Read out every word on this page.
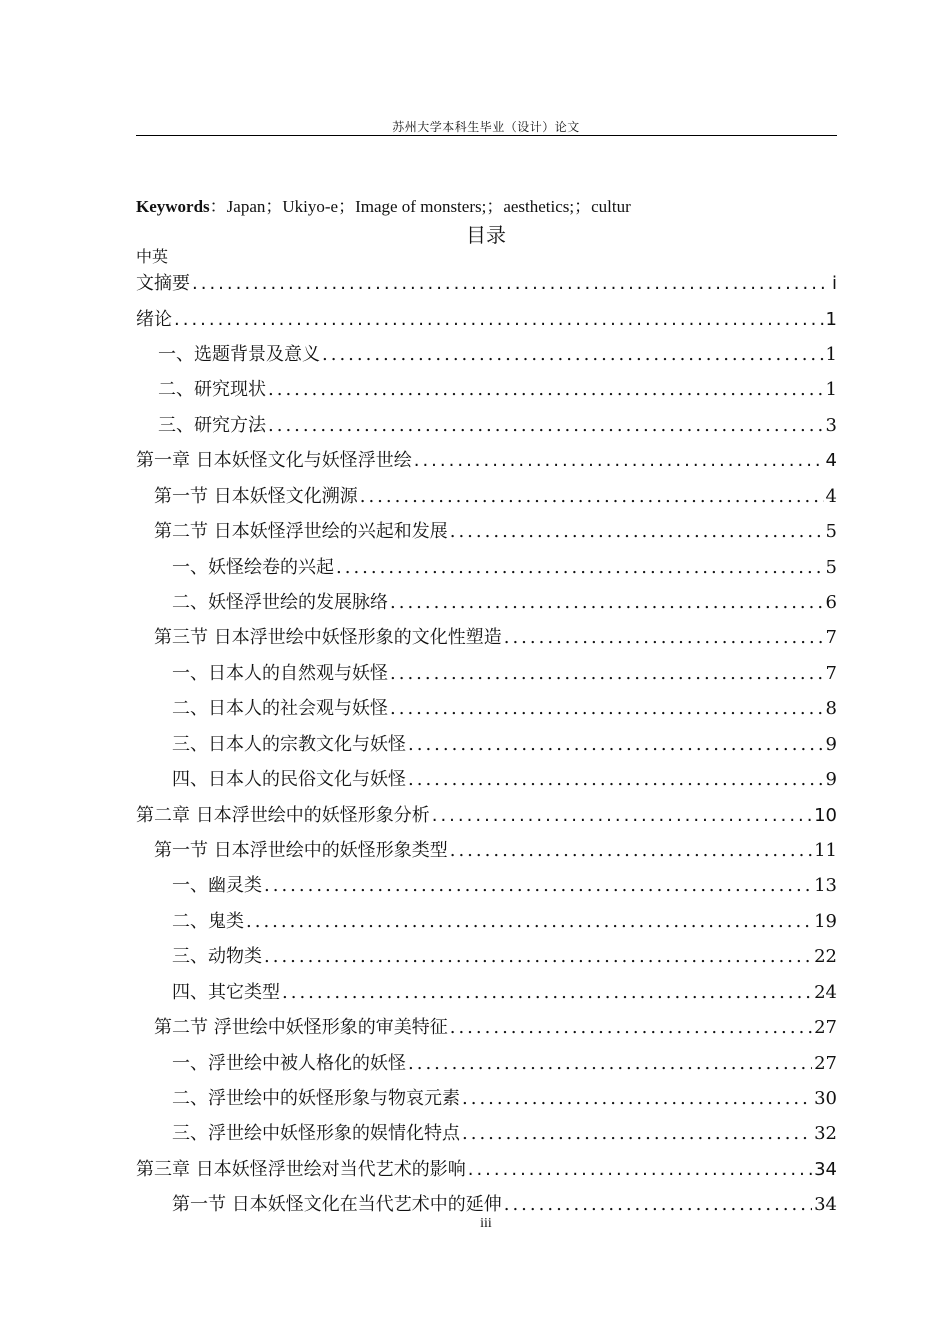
苏州大学本科生毕业（设计）论文
Keywords：Japan；Ukiyo-e；Image of monsters;；aesthetics;；cultur
目录
中英
文摘要 .....	i
绪论 .....	1
一、选题背景及意义 .....	1
二、研究现状 .....	1
三、研究方法 .....	3
第一章 日本妖怪文化与妖怪浮世绘 .....	4
第一节 日本妖怪文化溯源 .....	4
第二节 日本妖怪浮世绘的兴起和发展 .....	5
一、妖怪绘卷的兴起 .....	5
二、妖怪浮世绘的发展脉络 .....	6
第三节 日本浮世绘中妖怪形象的文化性塑造 .....	7
一、日本人的自然观与妖怪 .....	7
二、日本人的社会观与妖怪 .....	8
三、日本人的宗教文化与妖怪 .....	9
四、日本人的民俗文化与妖怪 .....	9
第二章 日本浮世绘中的妖怪形象分析 .....	10
第一节 日本浮世绘中的妖怪形象类型 .....	11
一、幽灵类 .....	13
二、鬼类 .....	19
三、动物类 .....	22
四、其它类型 .....	24
第二节 浮世绘中妖怪形象的审美特征 .....	27
一、浮世绘中被人格化的妖怪 .....	27
二、浮世绘中的妖怪形象与物哀元素 .....	30
三、浮世绘中妖怪形象的娱情化特点 .....	32
第三章 日本妖怪浮世绘对当代艺术的影响 .....	34
第一节 日本妖怪文化在当代艺术中的延伸 .....	34
iii
